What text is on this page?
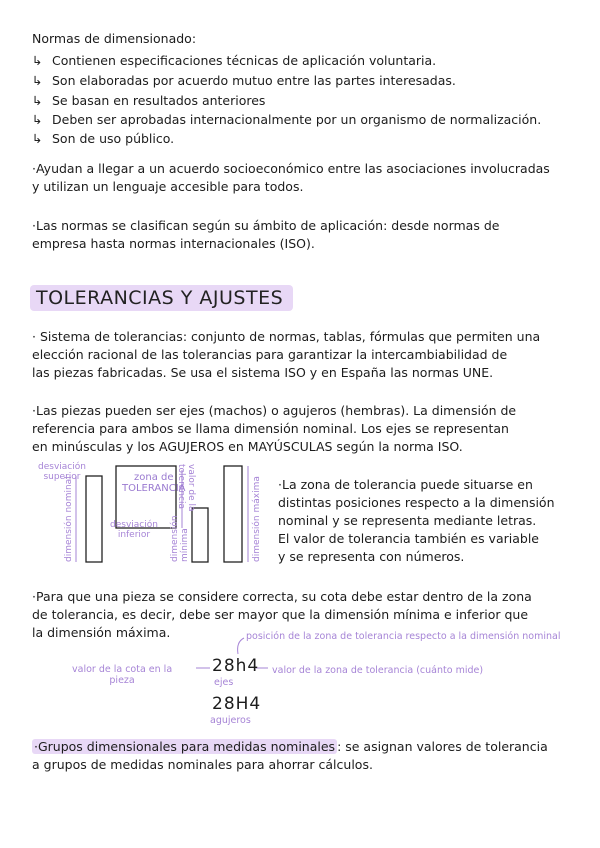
Normas de dimensionado:
↳ Contienen especificaciones técnicas de aplicación voluntaria.
↳ Son elaboradas por acuerdo mutuo entre las partes interesadas.
↳ Se basan en resultados anteriores
↳ Deben ser aprobadas internacionalmente por un organismo de normalización.
↳ Son de uso público.

·Ayudan a llegar a un acuerdo socioeconómico entre las asociaciones involucradas

y utilizan un lenguaje accesible para todos.

·Las normas se clasifican según su ámbito de aplicación: desde normas de

empresa hasta normas internacionales (ISO).

TOLERANCIAS Y AJUSTES

· Sistema de tolerancias: conjunto de normas, tablas, fórmulas que permiten una

elección racional de las tolerancias para garantizar la intercambiabilidad de

las piezas fabricadas. Se usa el sistema ISO y en España las normas UNE.

·Las piezas pueden ser ejes (machos) o agujeros (hembras). La dimensión de

referencia para ambos se llama dimensión nominal. Los ejes se representan

en minúsculas y los AGUJEROS en MAYÚSCULAS según la norma ISO.

desviación
superior	zona de
TOLERANCIA valor de la
tolerancia
dimensión nominal	desviación
inferior	dimensión mínima	dimensión máxima ·La zona de tolerancia puede situarse en

distintas posiciones respecto a la dimensión

nominal y se representa mediante letras.

El valor de tolerancia también es variable

y se representa con números.

·Para que una pieza se considere correcta, su cota debe estar dentro de la zona

de tolerancia, es decir, debe ser mayor que la dimensión mínima e inferior que

la dimensión máxima.	posición de la zona de tolerancia respecto a la dimensión nominal
valor de la cota en la
pieza
28h4 valor de la zona de tolerancia (cuánto mide)
ejes
28H4
agujeros

·Grupos dimensionales para medidas nominales : se asignan valores de tolerancia

a grupos de medidas nominales para ahorrar cálculos.
